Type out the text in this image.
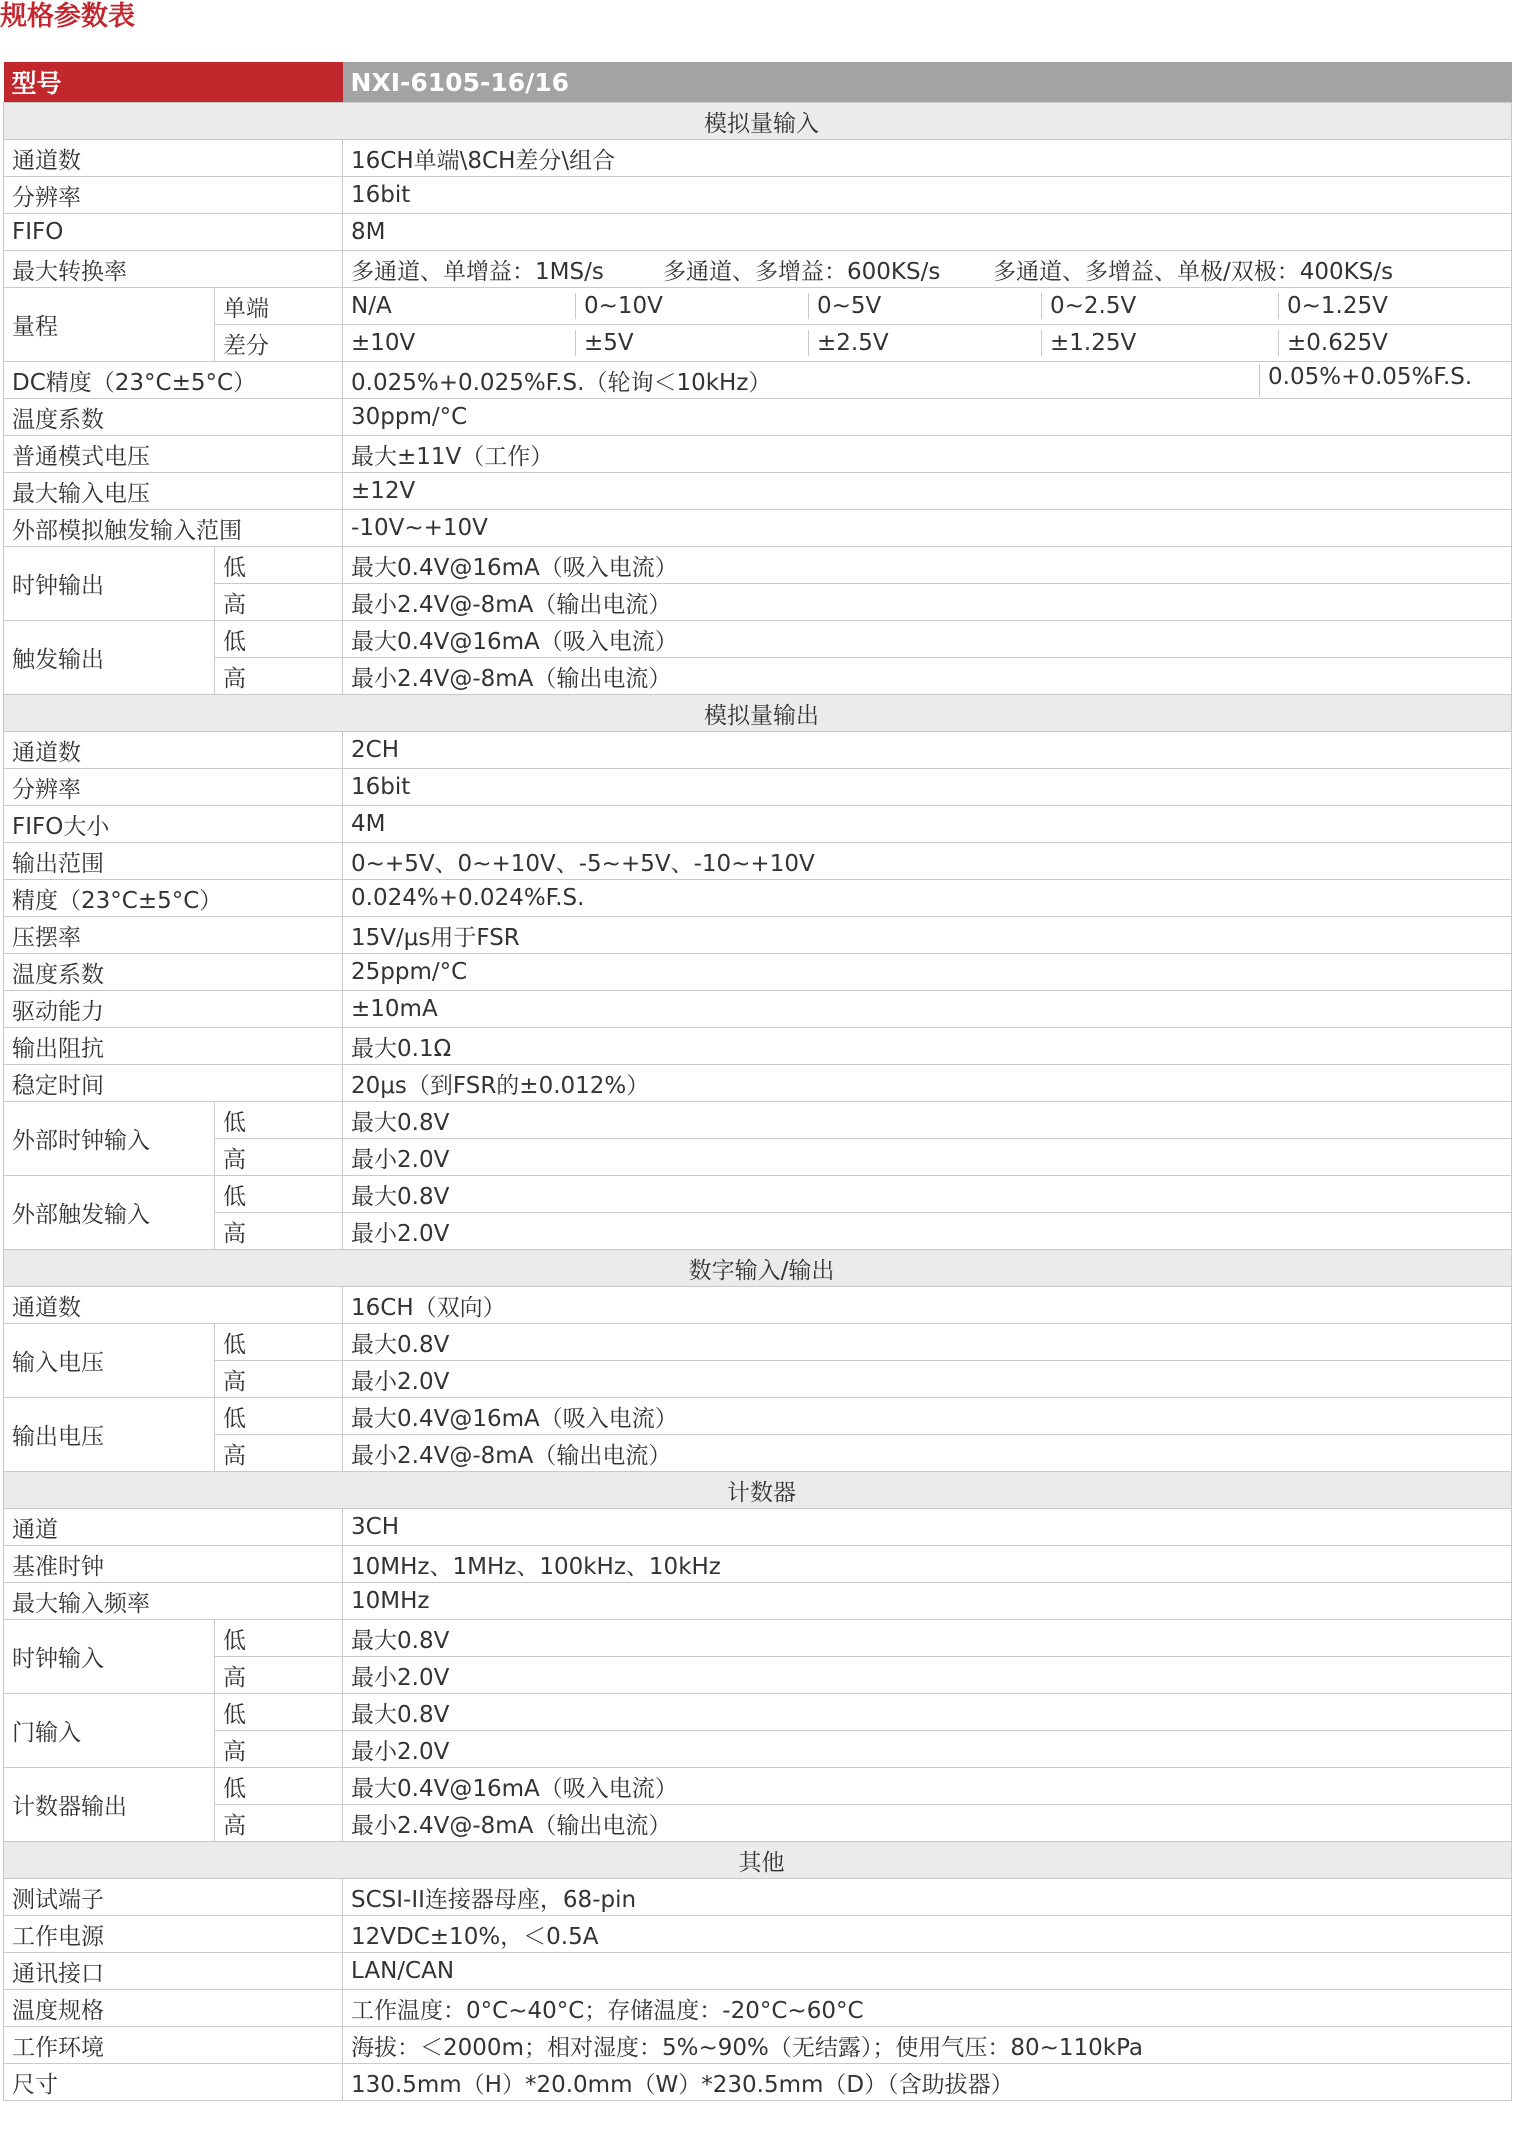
规格参数表
型号		NXI-6105-16/16
模拟量输入		
通道数		16CH单端\8CH差分\组合
分辨率		16bit
FIFO		8M
最大转换率		多通道、单增益：1MS/s 多通道、多增益：600KS/s 多通道、多增益、单极/双极：400KS/s

量程	单端	N/A 0~10V 0~5V 0~2.5V 0~1.25V

	差分	±10V ±5V ±2.5V ±1.25V ±0.625V

DC精度（23°C±5°C）		0.025%+0.025%F.S.（轮询＜10kHz） 0.05%+0.05%F.S.

温度系数		30ppm/°C
普通模式电压		最大±11V（工作）
最大输入电压		±12V
外部模拟触发输入范围		-10V~+10V
时钟输出	低	最大0.4V@16mA（吸入电流）
	高	最小2.4V@-8mA（输出电流）
触发输出	低	最大0.4V@16mA（吸入电流）
	高	最小2.4V@-8mA（输出电流）
模拟量输出		
通道数		2CH
分辨率		16bit
FIFO大小		4M
输出范围		0~+5V、0~+10V、-5~+5V、-10~+10V
精度（23°C±5°C）		0.024%+0.024%F.S.
压摆率		15V/μs用于FSR
温度系数		25ppm/°C
驱动能力		±10mA
输出阻抗		最大0.1Ω
稳定时间		20μs（到FSR的±0.012%）
外部时钟输入	低	最大0.8V
	高	最小2.0V
外部触发输入	低	最大0.8V
	高	最小2.0V
数字输入/输出		
通道数		16CH（双向）
输入电压	低	最大0.8V
	高	最小2.0V
输出电压	低	最大0.4V@16mA（吸入电流）
	高	最小2.4V@-8mA（输出电流）
计数器		
通道		3CH
基准时钟		10MHz、1MHz、100kHz、10kHz
最大输入频率		10MHz
时钟输入	低	最大0.8V
	高	最小2.0V
门输入	低	最大0.8V
	高	最小2.0V
计数器输出	低	最大0.4V@16mA（吸入电流）
	高	最小2.4V@-8mA（输出电流）
其他		
测试端子		SCSI-II连接器母座，68-pin
工作电源		12VDC±10%，＜0.5A
通讯接口		LAN/CAN
温度规格		工作温度：0°C~40°C；存储温度：-20°C~60°C
工作环境		海拔：＜2000m；相对湿度：5%~90%（无结露）；使用气压：80~110kPa
尺寸		130.5mm（H）*20.0mm（W）*230.5mm（D）（含助拔器）
